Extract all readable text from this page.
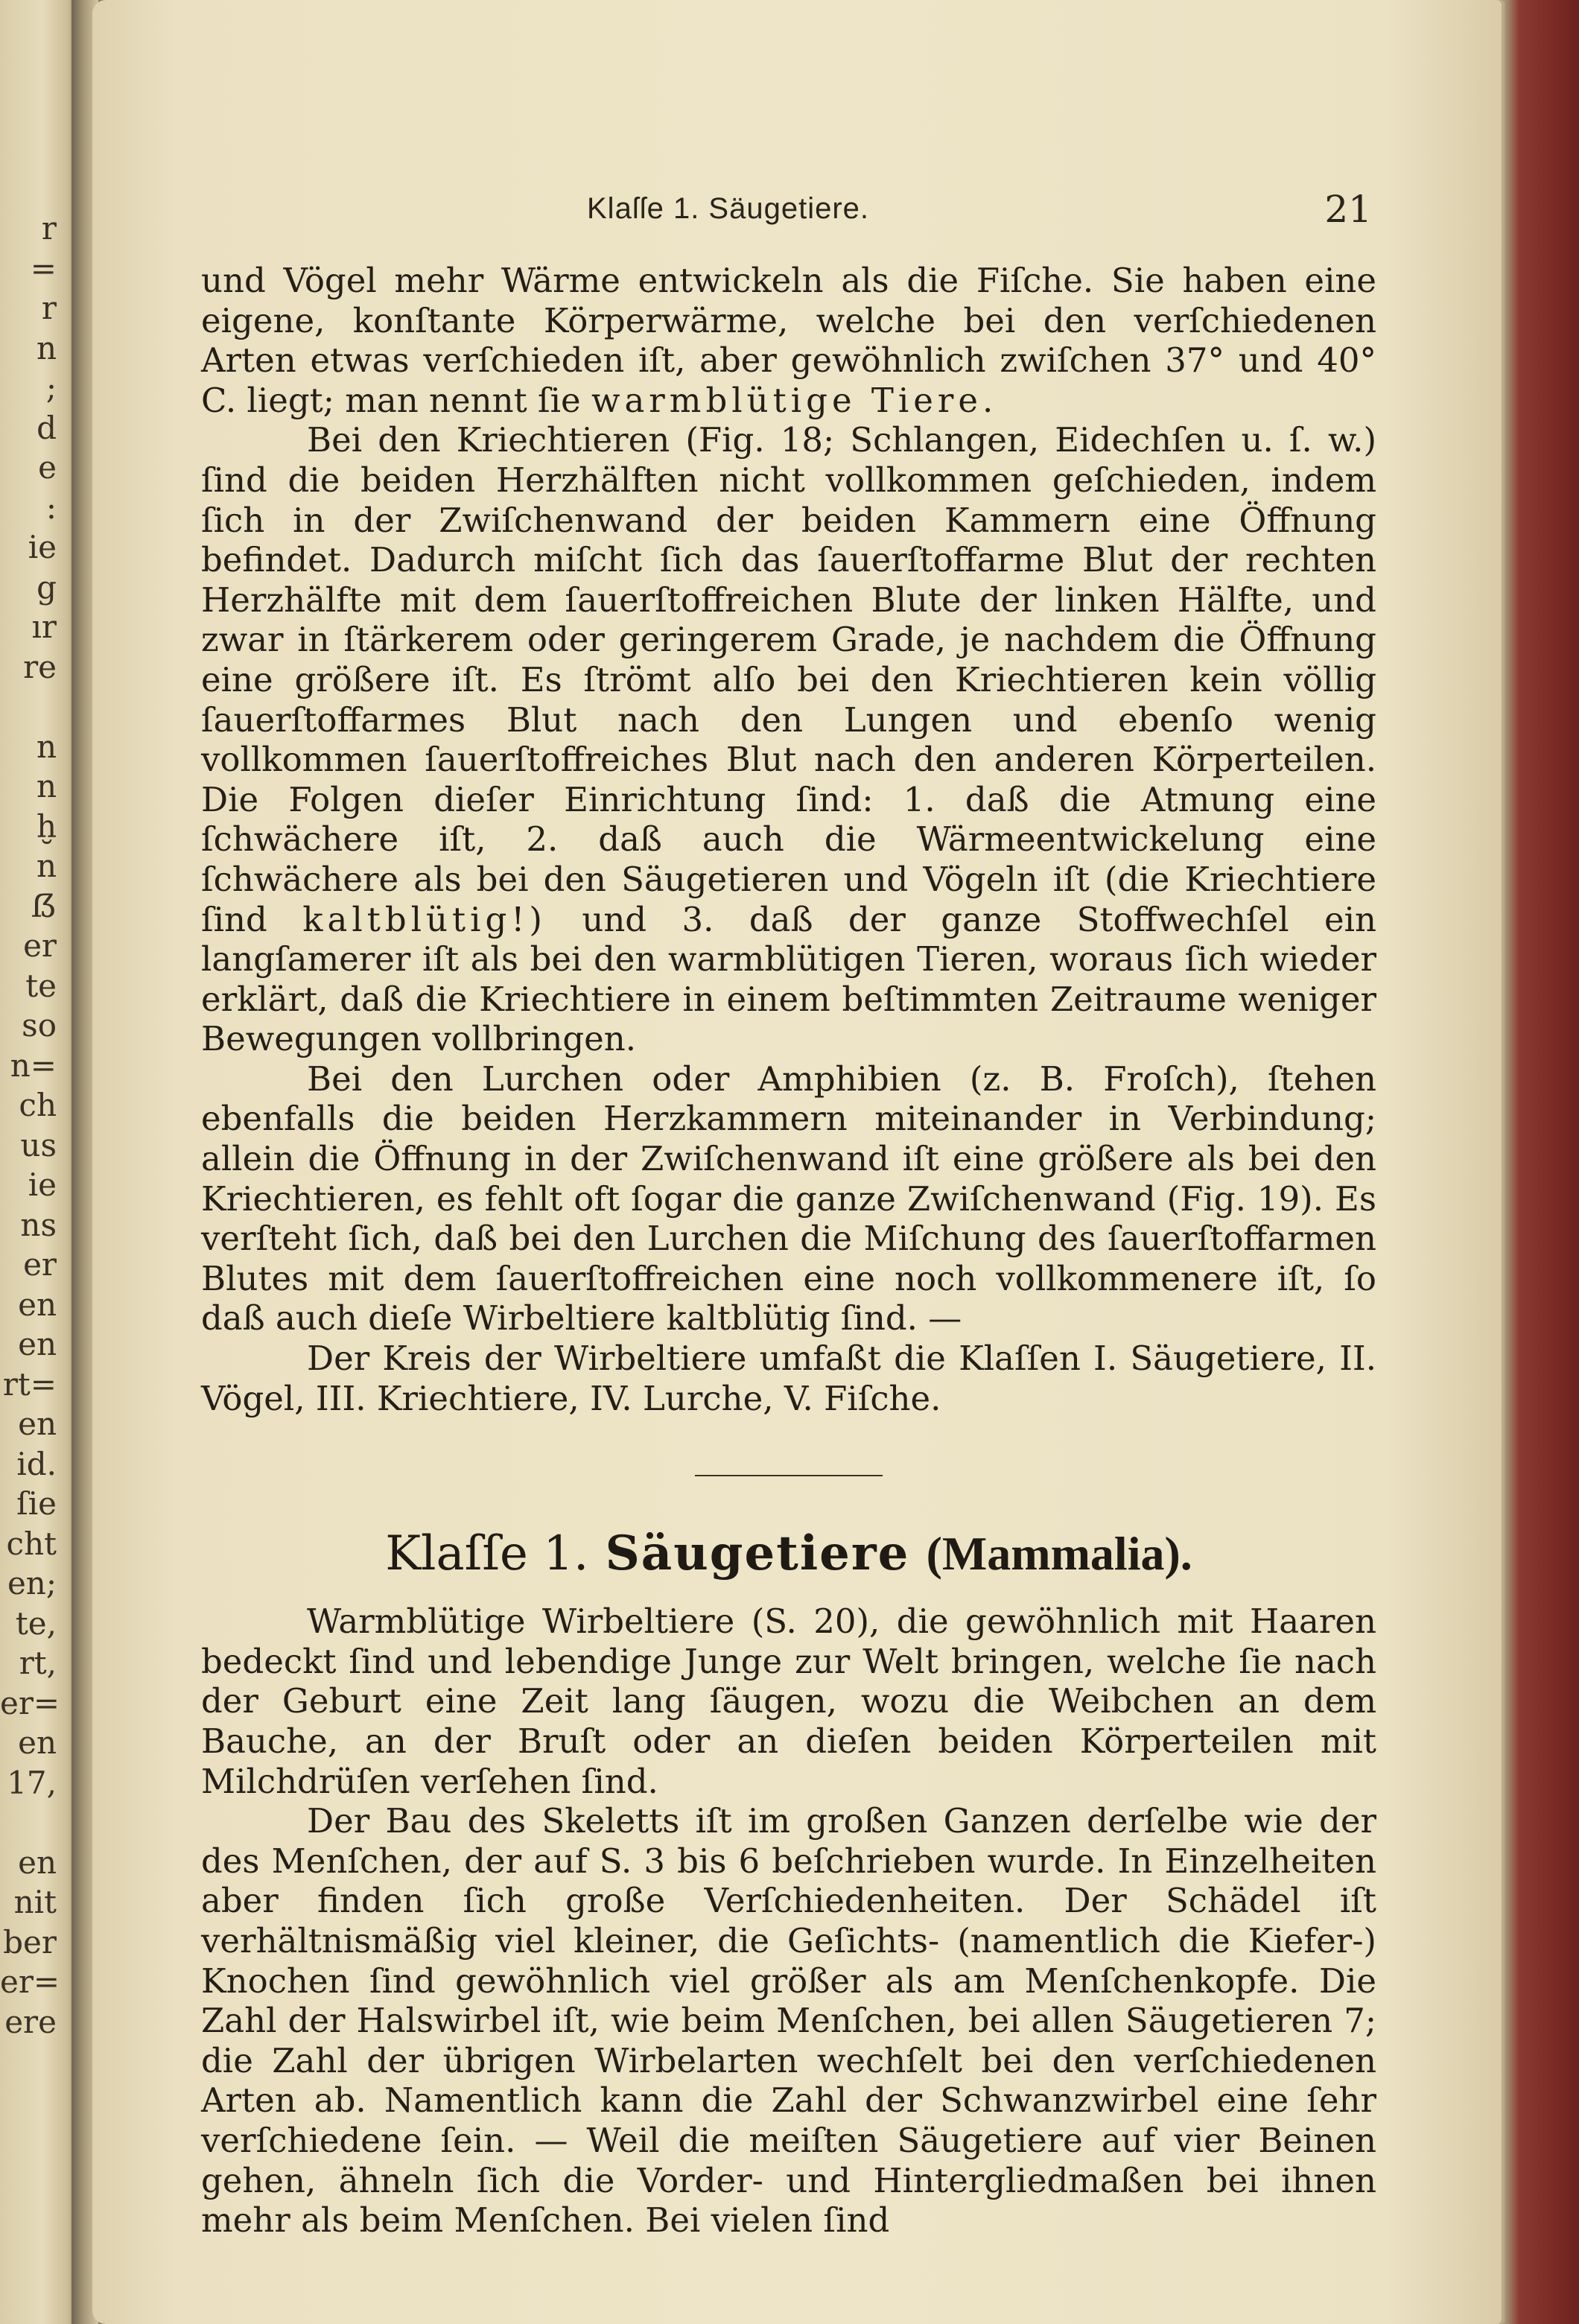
r
=
r
n
;
d
e
:
ie
g
ır
re
n
n
ḫ
n
ẞ
er
te
so
n=
ch
us
ie
ns
er
en
en
rt=
en
id.
ſie
cht
en;
te,
rt,
er=
en
17,
en
nit
ber
er=
ere
Klaſſe 1. Säugetiere.	21

und Vögel mehr Wärme entwickeln als die Fiſche. Sie haben eine eigene, konſtante Körperwärme, welche bei den verſchiedenen Arten etwas verſchieden iſt, aber gewöhnlich zwiſchen 37° und 40° C. liegt; man nennt ſie warmblütige Tiere.

Bei den Kriechtieren (Fig. 18; Schlangen, Eidechſen u. ſ. w.) ſind die beiden Herzhälften nicht vollkommen geſchieden, indem ſich in der Zwiſchenwand der beiden Kammern eine Öffnung befindet. Dadurch miſcht ſich das ſauerſtoffarme Blut der rechten Herzhälfte mit dem ſauerſtoffreichen Blute der linken Hälfte, und zwar in ſtärkerem oder geringerem Grade, je nachdem die Öffnung eine größere iſt. Es ſtrömt alſo bei den Kriechtieren kein völlig ſauerſtoffarmes Blut nach den Lungen und ebenſo wenig vollkommen ſauerſtoffreiches Blut nach den anderen Körperteilen. Die Folgen dieſer Einrichtung ſind: 1. daß die Atmung eine ſchwächere iſt, 2. daß auch die Wärmeentwickelung eine ſchwächere als bei den Säugetieren und Vögeln iſt (die Kriechtiere ſind kaltblütig!) und 3. daß der ganze Stoffwechſel ein langſamerer iſt als bei den warmblütigen Tieren, woraus ſich wieder erklärt, daß die Kriechtiere in einem beſtimmten Zeitraume weniger Bewegungen vollbringen.

Bei den Lurchen oder Amphibien (z. B. Froſch), ſtehen ebenfalls die beiden Herzkammern miteinander in Verbindung; allein die Öffnung in der Zwiſchenwand iſt eine größere als bei den Kriechtieren, es fehlt oft ſogar die ganze Zwiſchenwand (Fig. 19). Es verſteht ſich, daß bei den Lurchen die Miſchung des ſauerſtoffarmen Blutes mit dem ſauerſtoffreichen eine noch vollkommenere iſt, ſo daß auch dieſe Wirbeltiere kaltblütig ſind. —

Der Kreis der Wirbeltiere umfaßt die Klaſſen I. Säugetiere, II. Vögel, III. Kriechtiere, IV. Lurche, V. Fiſche.

Klaſſe 1. Säugetiere (Mammalia).

Warmblütige Wirbeltiere (S. 20), die gewöhnlich mit Haaren bedeckt ſind und lebendige Junge zur Welt bringen, welche ſie nach der Geburt eine Zeit lang ſäugen, wozu die Weibchen an dem Bauche, an der Bruſt oder an dieſen beiden Körperteilen mit Milchdrüſen verſehen ſind.

Der Bau des Skeletts iſt im großen Ganzen derſelbe wie der des Menſchen, der auf S. 3 bis 6 beſchrieben wurde. In Einzelheiten aber finden ſich große Verſchiedenheiten. Der Schädel iſt verhältnismäßig viel kleiner, die Geſichts- (namentlich die Kiefer-) Knochen ſind gewöhnlich viel größer als am Menſchenkopfe. Die Zahl der Halswirbel iſt, wie beim Menſchen, bei allen Säugetieren 7; die Zahl der übrigen Wirbelarten wechſelt bei den verſchiedenen Arten ab. Namentlich kann die Zahl der Schwanzwirbel eine ſehr verſchiedene ſein. — Weil die meiſten Säugetiere auf vier Beinen gehen, ähneln ſich die Vorder- und Hintergliedmaßen bei ihnen mehr als beim Menſchen. Bei vielen ſind
